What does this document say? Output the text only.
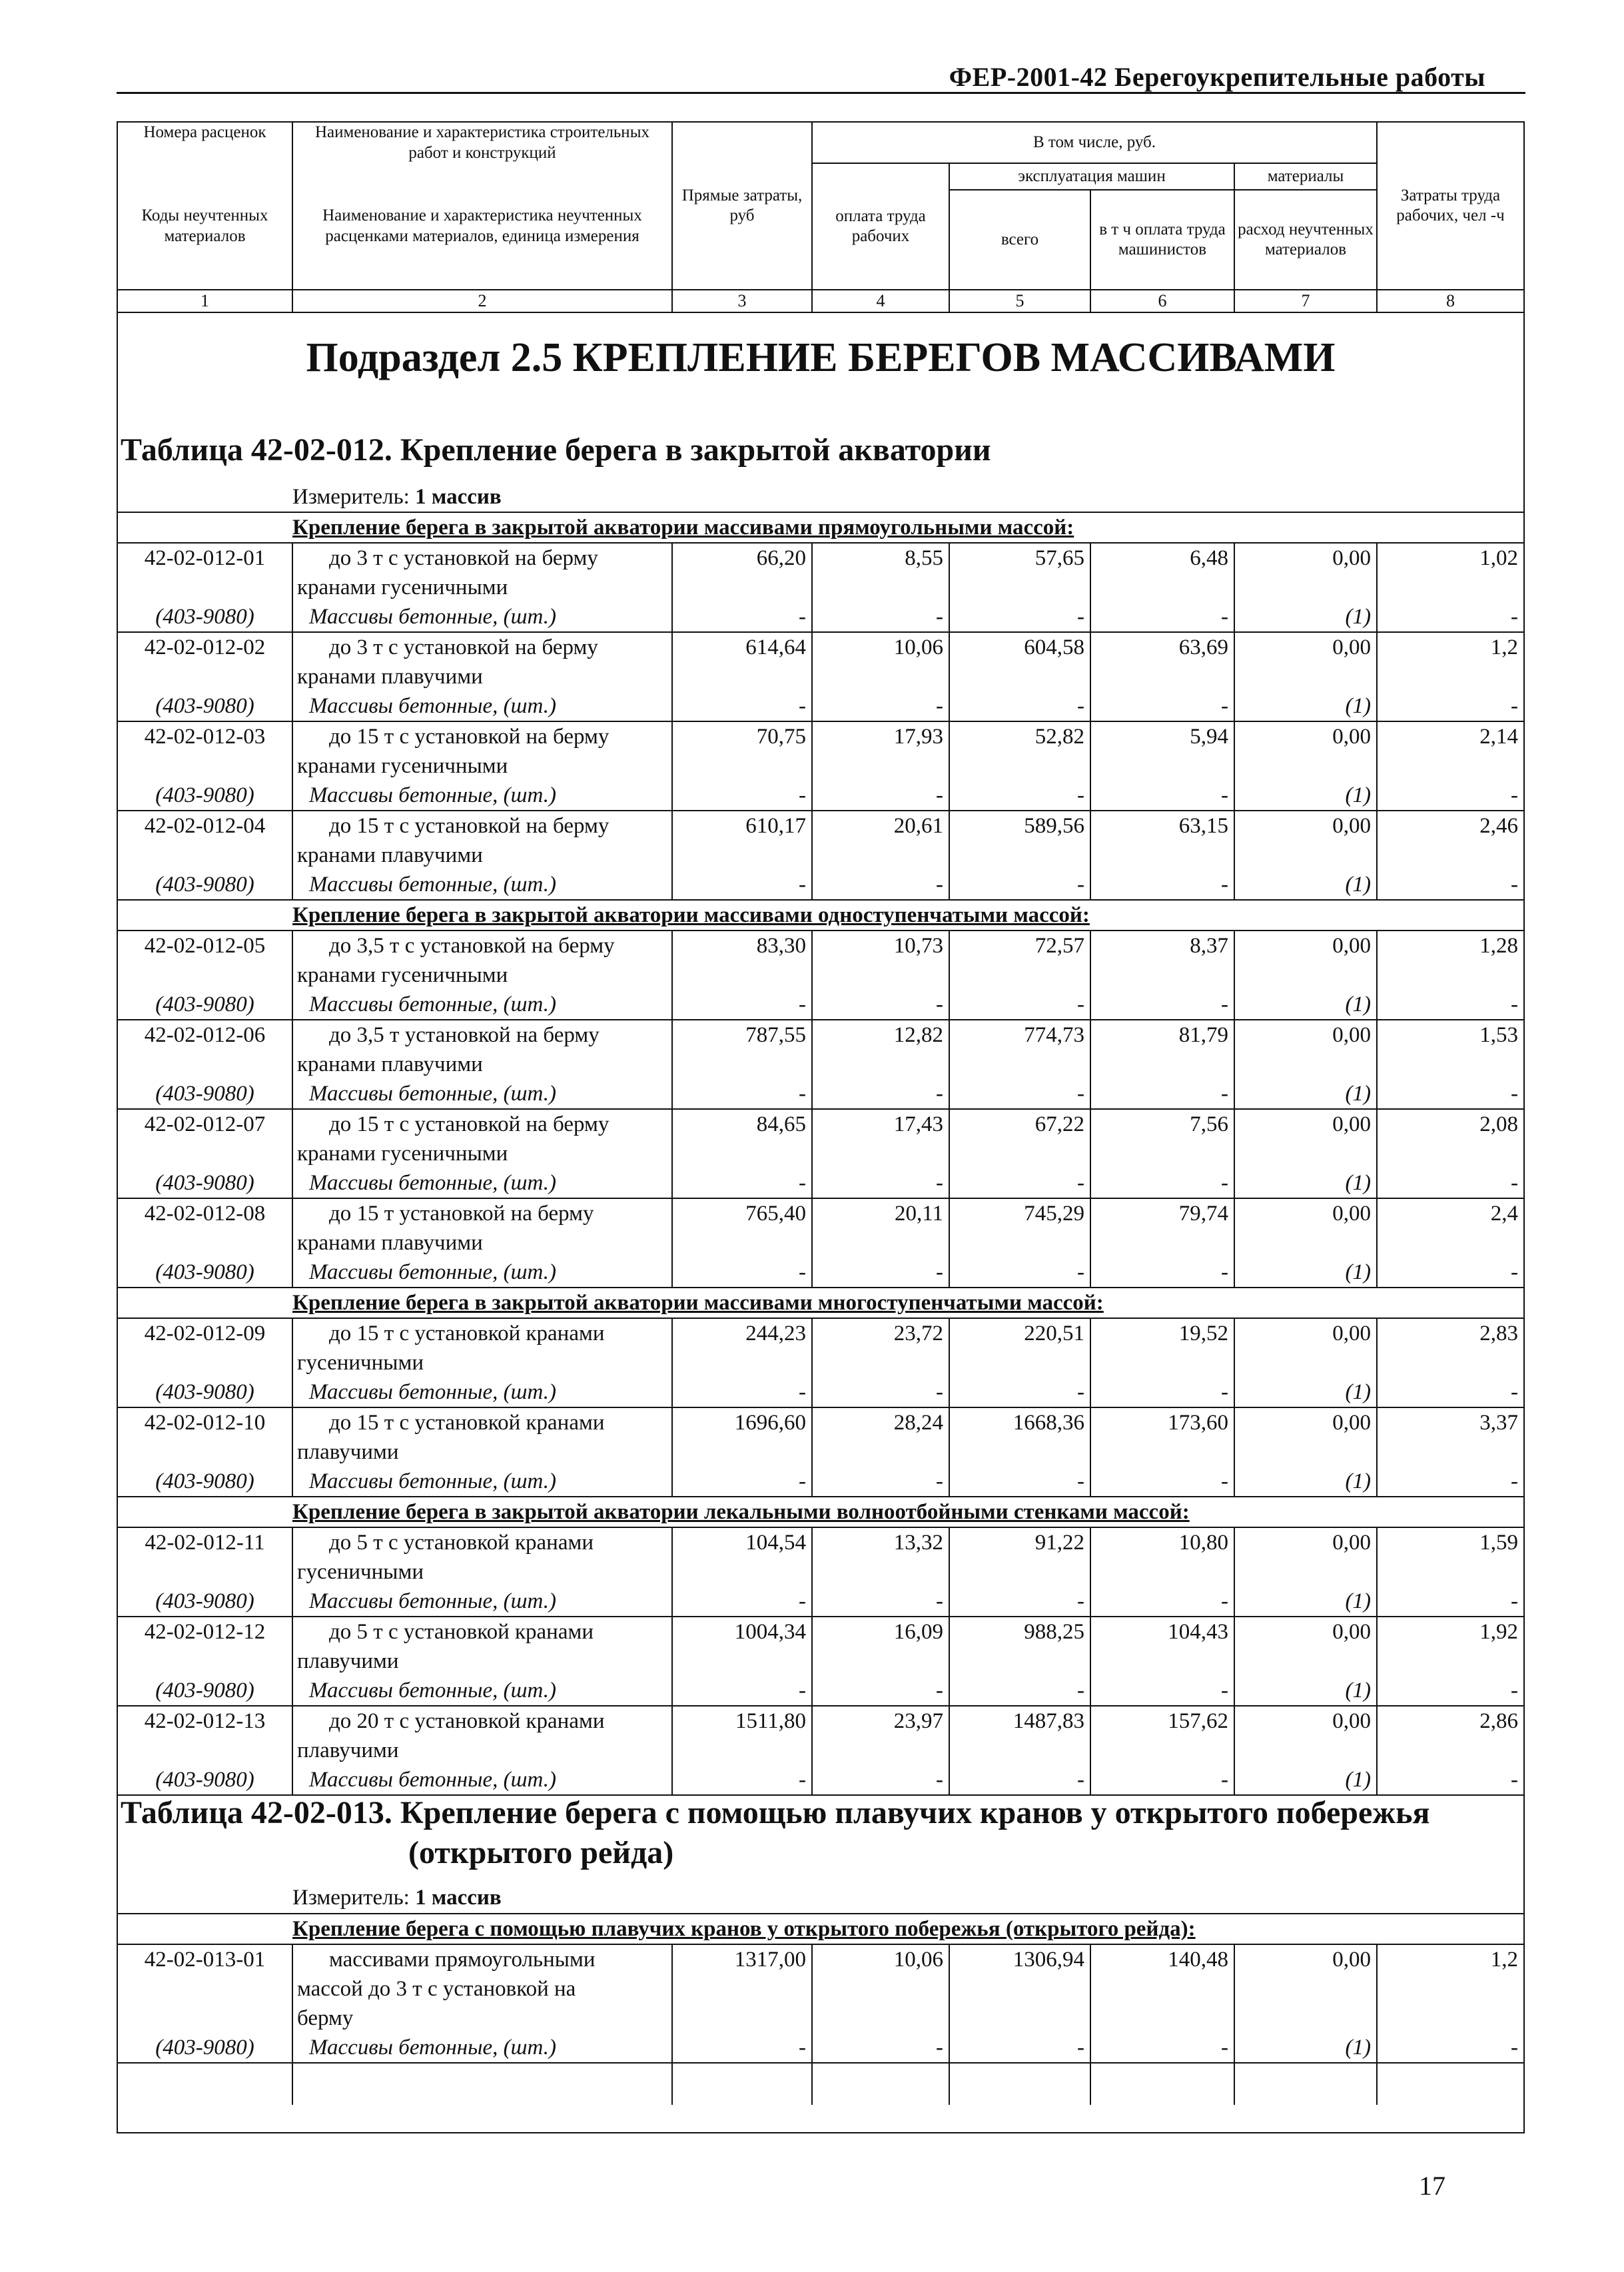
ФЕР-2001-42 Берегоукрепительные работы
Номера расценок	Наименование и характеристика строительных работ и конструкций	Прямые затраты, руб	В том числе, руб.				Затраты труда рабочих, чел -ч
Коды неучтенных материалов	Наименование и характеристика неучтенных расценками материалов, единица измерения		оплата труда рабочих	эксплуатация машин		материалы	
				всего	в т ч оплата труда машинистов	расход неучтенных материалов	
1	2	3	4	5	6	7	8
Подраздел 2.5 КРЕПЛЕНИЕ БЕРЕГОВ МАССИВАМИ
Таблица 42-02-012. Крепление берега в закрытой акватории
Измеритель: 1 массив
Крепление берега в закрытой акватории массивами прямоугольными массой:							
42-02-012-01	до 3 т с установкой на берму	66,20	8,55	57,65	6,48	0,00	1,02
	кранами гусеничными						
(403-9080)	Массивы бетонные, (шт.)	-	-	-	-	(1)	-
42-02-012-02	до 3 т с установкой на берму	614,64	10,06	604,58	63,69	0,00	1,2
	кранами плавучими						
(403-9080)	Массивы бетонные, (шт.)	-	-	-	-	(1)	-
42-02-012-03	до 15 т с установкой на берму	70,75	17,93	52,82	5,94	0,00	2,14
	кранами гусеничными						
(403-9080)	Массивы бетонные, (шт.)	-	-	-	-	(1)	-
42-02-012-04	до 15 т с установкой на берму	610,17	20,61	589,56	63,15	0,00	2,46
	кранами плавучими						
(403-9080)	Массивы бетонные, (шт.)	-	-	-	-	(1)	-
Крепление берега в закрытой акватории массивами одноступенчатыми массой:							
42-02-012-05	до 3,5 т с установкой на берму	83,30	10,73	72,57	8,37	0,00	1,28
	кранами гусеничными						
(403-9080)	Массивы бетонные, (шт.)	-	-	-	-	(1)	-
42-02-012-06	до 3,5 т установкой на берму	787,55	12,82	774,73	81,79	0,00	1,53
	кранами плавучими						
(403-9080)	Массивы бетонные, (шт.)	-	-	-	-	(1)	-
42-02-012-07	до 15 т с установкой на берму	84,65	17,43	67,22	7,56	0,00	2,08
	кранами гусеничными						
(403-9080)	Массивы бетонные, (шт.)	-	-	-	-	(1)	-
42-02-012-08	до 15 т установкой на берму	765,40	20,11	745,29	79,74	0,00	2,4
	кранами плавучими						
(403-9080)	Массивы бетонные, (шт.)	-	-	-	-	(1)	-
Крепление берега в закрытой акватории массивами многоступенчатыми массой:							
42-02-012-09	до 15 т с установкой кранами	244,23	23,72	220,51	19,52	0,00	2,83
	гусеничными						
(403-9080)	Массивы бетонные, (шт.)	-	-	-	-	(1)	-
42-02-012-10	до 15 т с установкой кранами	1696,60	28,24	1668,36	173,60	0,00	3,37
	плавучими						
(403-9080)	Массивы бетонные, (шт.)	-	-	-	-	(1)	-
Крепление берега в закрытой акватории лекальными волноотбойными стенками массой:							
42-02-012-11	до 5 т с установкой кранами	104,54	13,32	91,22	10,80	0,00	1,59
	гусеничными						
(403-9080)	Массивы бетонные, (шт.)	-	-	-	-	(1)	-
42-02-012-12	до 5 т с установкой кранами	1004,34	16,09	988,25	104,43	0,00	1,92
	плавучими						
(403-9080)	Массивы бетонные, (шт.)	-	-	-	-	(1)	-
42-02-012-13	до 20 т с установкой кранами	1511,80	23,97	1487,83	157,62	0,00	2,86
	плавучими						
(403-9080)	Массивы бетонные, (шт.)	-	-	-	-	(1)	-
Таблица 42-02-013. Крепление берега с помощью плавучих кранов у открытого побережья
(открытого рейда)
Измеритель: 1 массив
Крепление берега с помощью плавучих кранов у открытого побережья (открытого рейда):							
42-02-013-01	массивами прямоугольными	1317,00	10,06	1306,94	140,48	0,00	1,2
	массой до 3 т с установкой на						
	берму						
(403-9080)	Массивы бетонные, (шт.)	-	-	-	-	(1)	-

17
